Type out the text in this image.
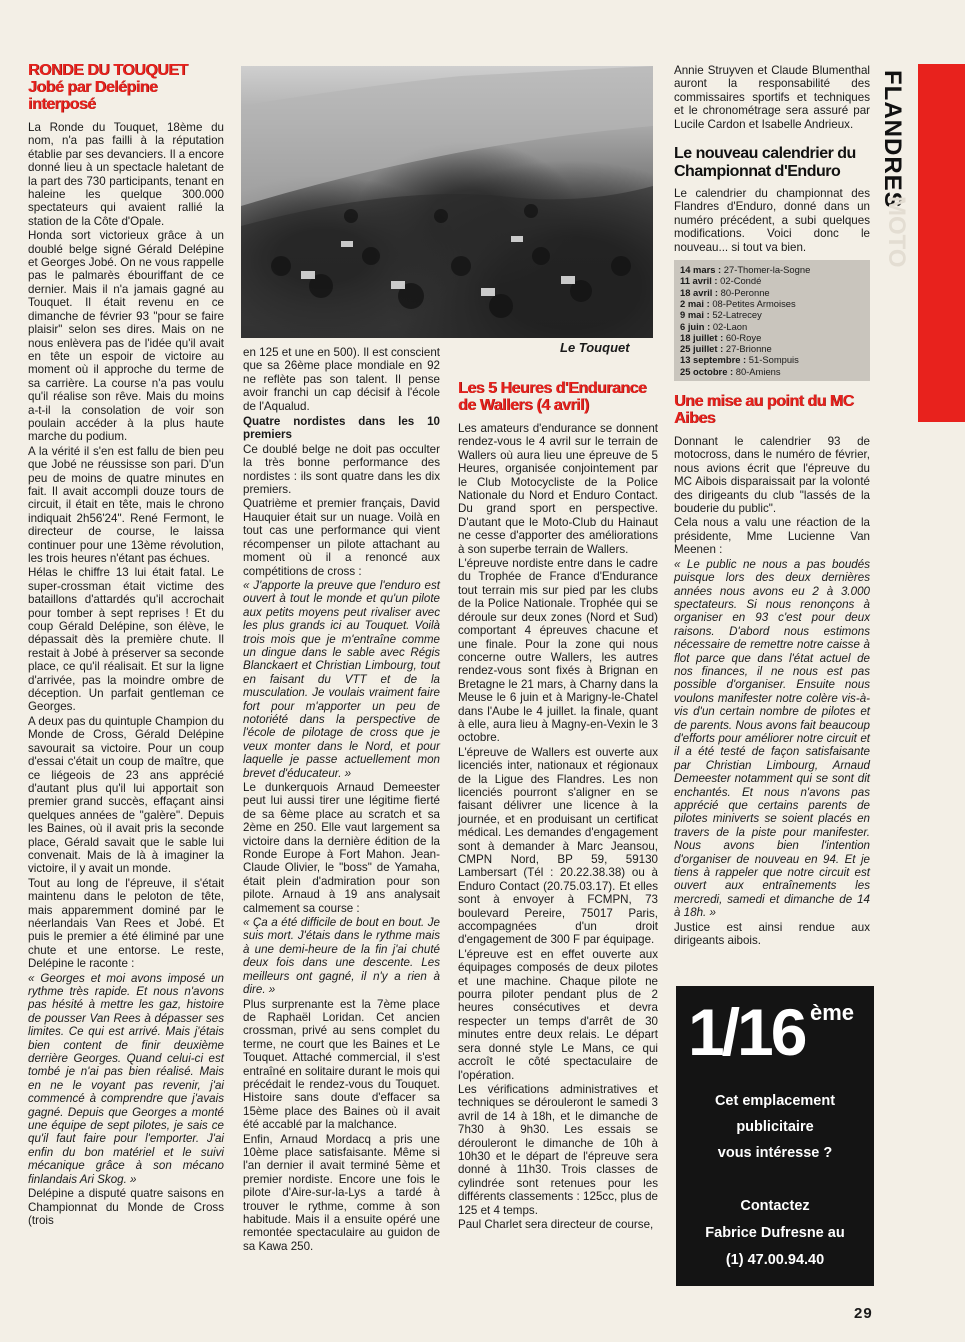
FLANDRES
MOTO
Le Touquet
RONDE DU TOUQUET
Jobé par Delépine
interposé

La Ronde du Touquet, 18ème du nom, n'a pas failli à la réputation établie par ses devanciers. Il a encore donné lieu à un spectacle haletant de la part des 730 participants, tenant en haleine les quelque 300.000 spectateurs qui avaient rallié la station de la Côte d'Opale.

Honda sort victorieux grâce à un doublé belge signé Gérald Delépine et Georges Jobé. On ne vous rappelle pas le palmarès ébouriffant de ce dernier. Mais il n'a jamais gagné au Touquet. Il était revenu en ce dimanche de février 93 "pour se faire plaisir" selon ses dires. Mais on ne nous enlèvera pas de l'idée qu'il avait en tête un espoir de victoire au moment où il approche du terme de sa carrière. La course n'a pas voulu qu'il réalise son rêve. Mais du moins a-t-il la consolation de voir son poulain accéder à la plus haute marche du podium.

A la vérité il s'en est fallu de bien peu que Jobé ne réussisse son pari. D'un peu de moins de quatre minutes en fait. Il avait accompli douze tours de circuit, il était en tête, mais le chrono indiquait 2h56'24". René Fermont, le directeur de course, le laissa continuer pour une 13ème révolution, les trois heures n'étant pas échues.

Hélas le chiffre 13 lui était fatal. Le super-crossman était victime des bataillons d'attardés qu'il accrochait pour tomber à sept reprises ! Et du coup Gérald Delépine, son élève, le dépassait dès la première chute. Il restait à Jobé à préserver sa seconde place, ce qu'il réalisait. Et sur la ligne d'arrivée, pas la moindre ombre de déception. Un parfait gentleman ce Georges.

A deux pas du quintuple Champion du Monde de Cross, Gérald Delépine savourait sa victoire. Pour un coup d'essai c'était un coup de maître, que ce liégeois de 23 ans apprécié d'autant plus qu'il lui apportait son premier grand succès, effaçant ainsi quelques années de "galère". Depuis les Baines, où il avait pris la seconde place, Gérald savait que le sable lui convenait. Mais de là à imaginer la victoire, il y avait un monde.

Tout au long de l'épreuve, il s'était maintenu dans le peloton de tête, mais apparemment dominé par le néerlandais Van Rees et Jobé. Et puis le premier a été éliminé par une chute et une entorse. Le reste, Delépine le raconte :

« Georges et moi avons imposé un rythme très rapide. Et nous n'avons pas hésité à mettre les gaz, histoire de pousser Van Rees à dépasser ses limites. Ce qui est arrivé. Mais j'étais bien content de finir deuxième derrière Georges. Quand celui-ci est tombé je n'ai pas bien réalisé. Mais en ne le voyant pas revenir, j'ai commencé à comprendre que j'avais gagné. Depuis que Georges a monté une équipe de sept pilotes, je sais ce qu'il faut faire pour l'emporter. J'ai enfin du bon matériel et le suivi mécanique grâce à son mécano finlandais Ari Skog. »

Delépine a disputé quatre saisons en Championnat du Monde de Cross (trois

en 125 et une en 500). Il est conscient que sa 26ème place mondiale en 92 ne reflète pas son talent. Il pense avoir franchi un cap décisif à l'école de l'Aqualud.

Quatre nordistes dans les 10 premiers

Ce doublé belge ne doit pas occulter la très bonne performance des nordistes : ils sont quatre dans les dix premiers.

Quatrième et premier français, David Hauquier était sur un nuage. Voilà en tout cas une performance qui vient récompenser un pilote attachant au moment où il a renoncé aux compétitions de cross :

« J'apporte la preuve que l'enduro est ouvert à tout le monde et qu'un pilote aux petits moyens peut rivaliser avec les plus grands ici au Touquet. Voilà trois mois que je m'entraîne comme un dingue dans le sable avec Régis Blanckaert et Christian Limbourg, tout en faisant du VTT et de la musculation. Je voulais vraiment faire fort pour m'apporter un peu de notoriété dans la perspective de l'école de pilotage de cross que je veux monter dans le Nord, et pour laquelle je passe actuellement mon brevet d'éducateur. »

Le dunkerquois Arnaud Demeester peut lui aussi tirer une légitime fierté de sa 6ème place au scratch et sa 2ème en 250. Elle vaut largement sa victoire dans la dernière édition de la Ronde Europe à Fort Mahon. Jean-Claude Olivier, le "boss" de Yamaha, était plein d'admiration pour son pilote. Arnaud à 19 ans analysait calmement sa course :

« Ça a été difficile de bout en bout. Je suis mort. J'étais dans le rythme mais à une demi-heure de la fin j'ai chuté deux fois dans une descente. Les meilleurs ont gagné, il n'y a rien à dire. »

Plus surprenante est la 7ème place de Raphaël Loridan. Cet ancien crossman, privé au sens complet du terme, ne court que les Baines et Le Touquet. Attaché commercial, il s'est entraîné en solitaire durant le mois qui précédait le rendez-vous du Touquet. Histoire sans doute d'effacer sa 15ème place des Baines où il avait été accablé par la malchance.

Enfin, Arnaud Mordacq a pris une 10ème place satisfaisante. Même si l'an dernier il avait terminé 5ème et premier nordiste. Encore une fois le pilote d'Aire-sur-la-Lys a tardé à trouver le rythme, comme à son habitude. Mais il a ensuite opéré une remontée spectaculaire au guidon de sa Kawa 250.

Les 5 Heures d'Endurance
de Wallers (4 avril)

Les amateurs d'endurance se donnent rendez-vous le 4 avril sur le terrain de Wallers où aura lieu une épreuve de 5 Heures, organisée conjointement par le Club Motocycliste de la Police Nationale du Nord et Enduro Contact. Du grand sport en perspective. D'autant que le Moto-Club du Hainaut ne cesse d'apporter des améliorations à son superbe terrain de Wallers.

L'épreuve nordiste entre dans le cadre du Trophée de France d'Endurance tout terrain mis sur pied par les clubs de la Police Nationale. Trophée qui se déroule sur deux zones (Nord et Sud) comportant 4 épreuves chacune et une finale. Pour la zone qui nous concerne outre Wallers, les autres rendez-vous sont fixés à Brignan en Bretagne le 21 mars, à Charny dans la Meuse le 6 juin et à Marigny-le-Chatel dans l'Aube le 4 juillet. la finale, quant à elle, aura lieu à Magny-en-Vexin le 3 octobre.

L'épreuve de Wallers est ouverte aux licenciés inter, nationaux et régionaux de la Ligue des Flandres. Les non licenciés pourront s'aligner en se faisant délivrer une licence à la journée, et en produisant un certificat médical. Les demandes d'engagement sont à demander à Marc Jeansou, CMPN Nord, BP 59, 59130 Lambersart (Tél : 20.22.38.38) ou à Enduro Contact (20.75.03.17). Et elles sont à envoyer à FCMPN, 73 boulevard Pereire, 75017 Paris, accompagnées d'un droit d'engagement de 300 F par équipage.

L'épreuve est en effet ouverte aux équipages composés de deux pilotes et une machine. Chaque pilote ne pourra piloter pendant plus de 2 heures consécutives et devra respecter un temps d'arrêt de 30 minutes entre deux relais. Le départ sera donné style Le Mans, ce qui accroît le côté spectaculaire de l'opération.

Les vérifications administratives et techniques se dérouleront le samedi 3 avril de 14 à 18h, et le dimanche de 7h30 à 9h30. Les essais se dérouleront le dimanche de 10h à 10h30 et le départ de l'épreuve sera donné à 11h30. Trois classes de cylindrée sont retenues pour les différents classements : 125cc, plus de 125 et 4 temps.

Paul Charlet sera directeur de course,

Annie Struyven et Claude Blumenthal auront la responsabilité des commissaires sportifs et techniques et le chronométrage sera assuré par Lucile Cardon et Isabelle Andrieux.

Le nouveau calendrier du
Championnat d'Enduro

Le calendrier du championnat des Flandres d'Enduro, donné dans un numéro précédent, a subi quelques modifications. Voici donc le nouveau... si tout va bien.

14 mars : 27-Thomer-la-Sogne
11 avril : 02-Condé
18 avril : 80-Peronne
2 mai : 08-Petites Armoises
9 mai : 52-Latrecey
6 juin : 02-Laon
18 juillet : 60-Roye
25 juillet : 27-Brionne
13 septembre : 51-Sompuis
25 octobre : 80-Amiens
Une mise au point du MC
Aibes

Donnant le calendrier 93 de motocross, dans le numéro de février, nous avions écrit que l'épreuve du MC Aibois disparaissait par la volonté des dirigeants du club "lassés de la bouderie du public".

Cela nous a valu une réaction de la présidente, Mme Lucienne Van Meenen :

« Le public ne nous a pas boudés puisque lors des deux dernières années nous avons eu 2 à 3.000 spectateurs. Si nous renonçons à organiser en 93 c'est pour deux raisons. D'abord nous estimons nécessaire de remettre notre caisse à flot parce que dans l'état actuel de nos finances, il ne nous est pas possible d'organiser. Ensuite nous voulons manifester notre colère vis-à-vis d'un certain nombre de pilotes et de parents. Nous avons fait beaucoup d'efforts pour améliorer notre circuit et il a été testé de façon satisfaisante par Christian Limbourg, Arnaud Demeester notamment qui se sont dit enchantés. Et nous n'avons pas apprécié que certains parents de pilotes miniverts se soient placés en travers de la piste pour manifester. Nous avons bien l'intention d'organiser de nouveau en 94. Et je tiens à rappeler que notre circuit est ouvert aux entraînements les mercredi, samedi et dimanche de 14 à 18h. »

Justice est ainsi rendue aux dirigeants aibois.

1/16 ème
Cet emplacement
publicitaire
vous intéresse ?
Contactez
Fabrice Dufresne au
(1) 47.00.94.40
29
